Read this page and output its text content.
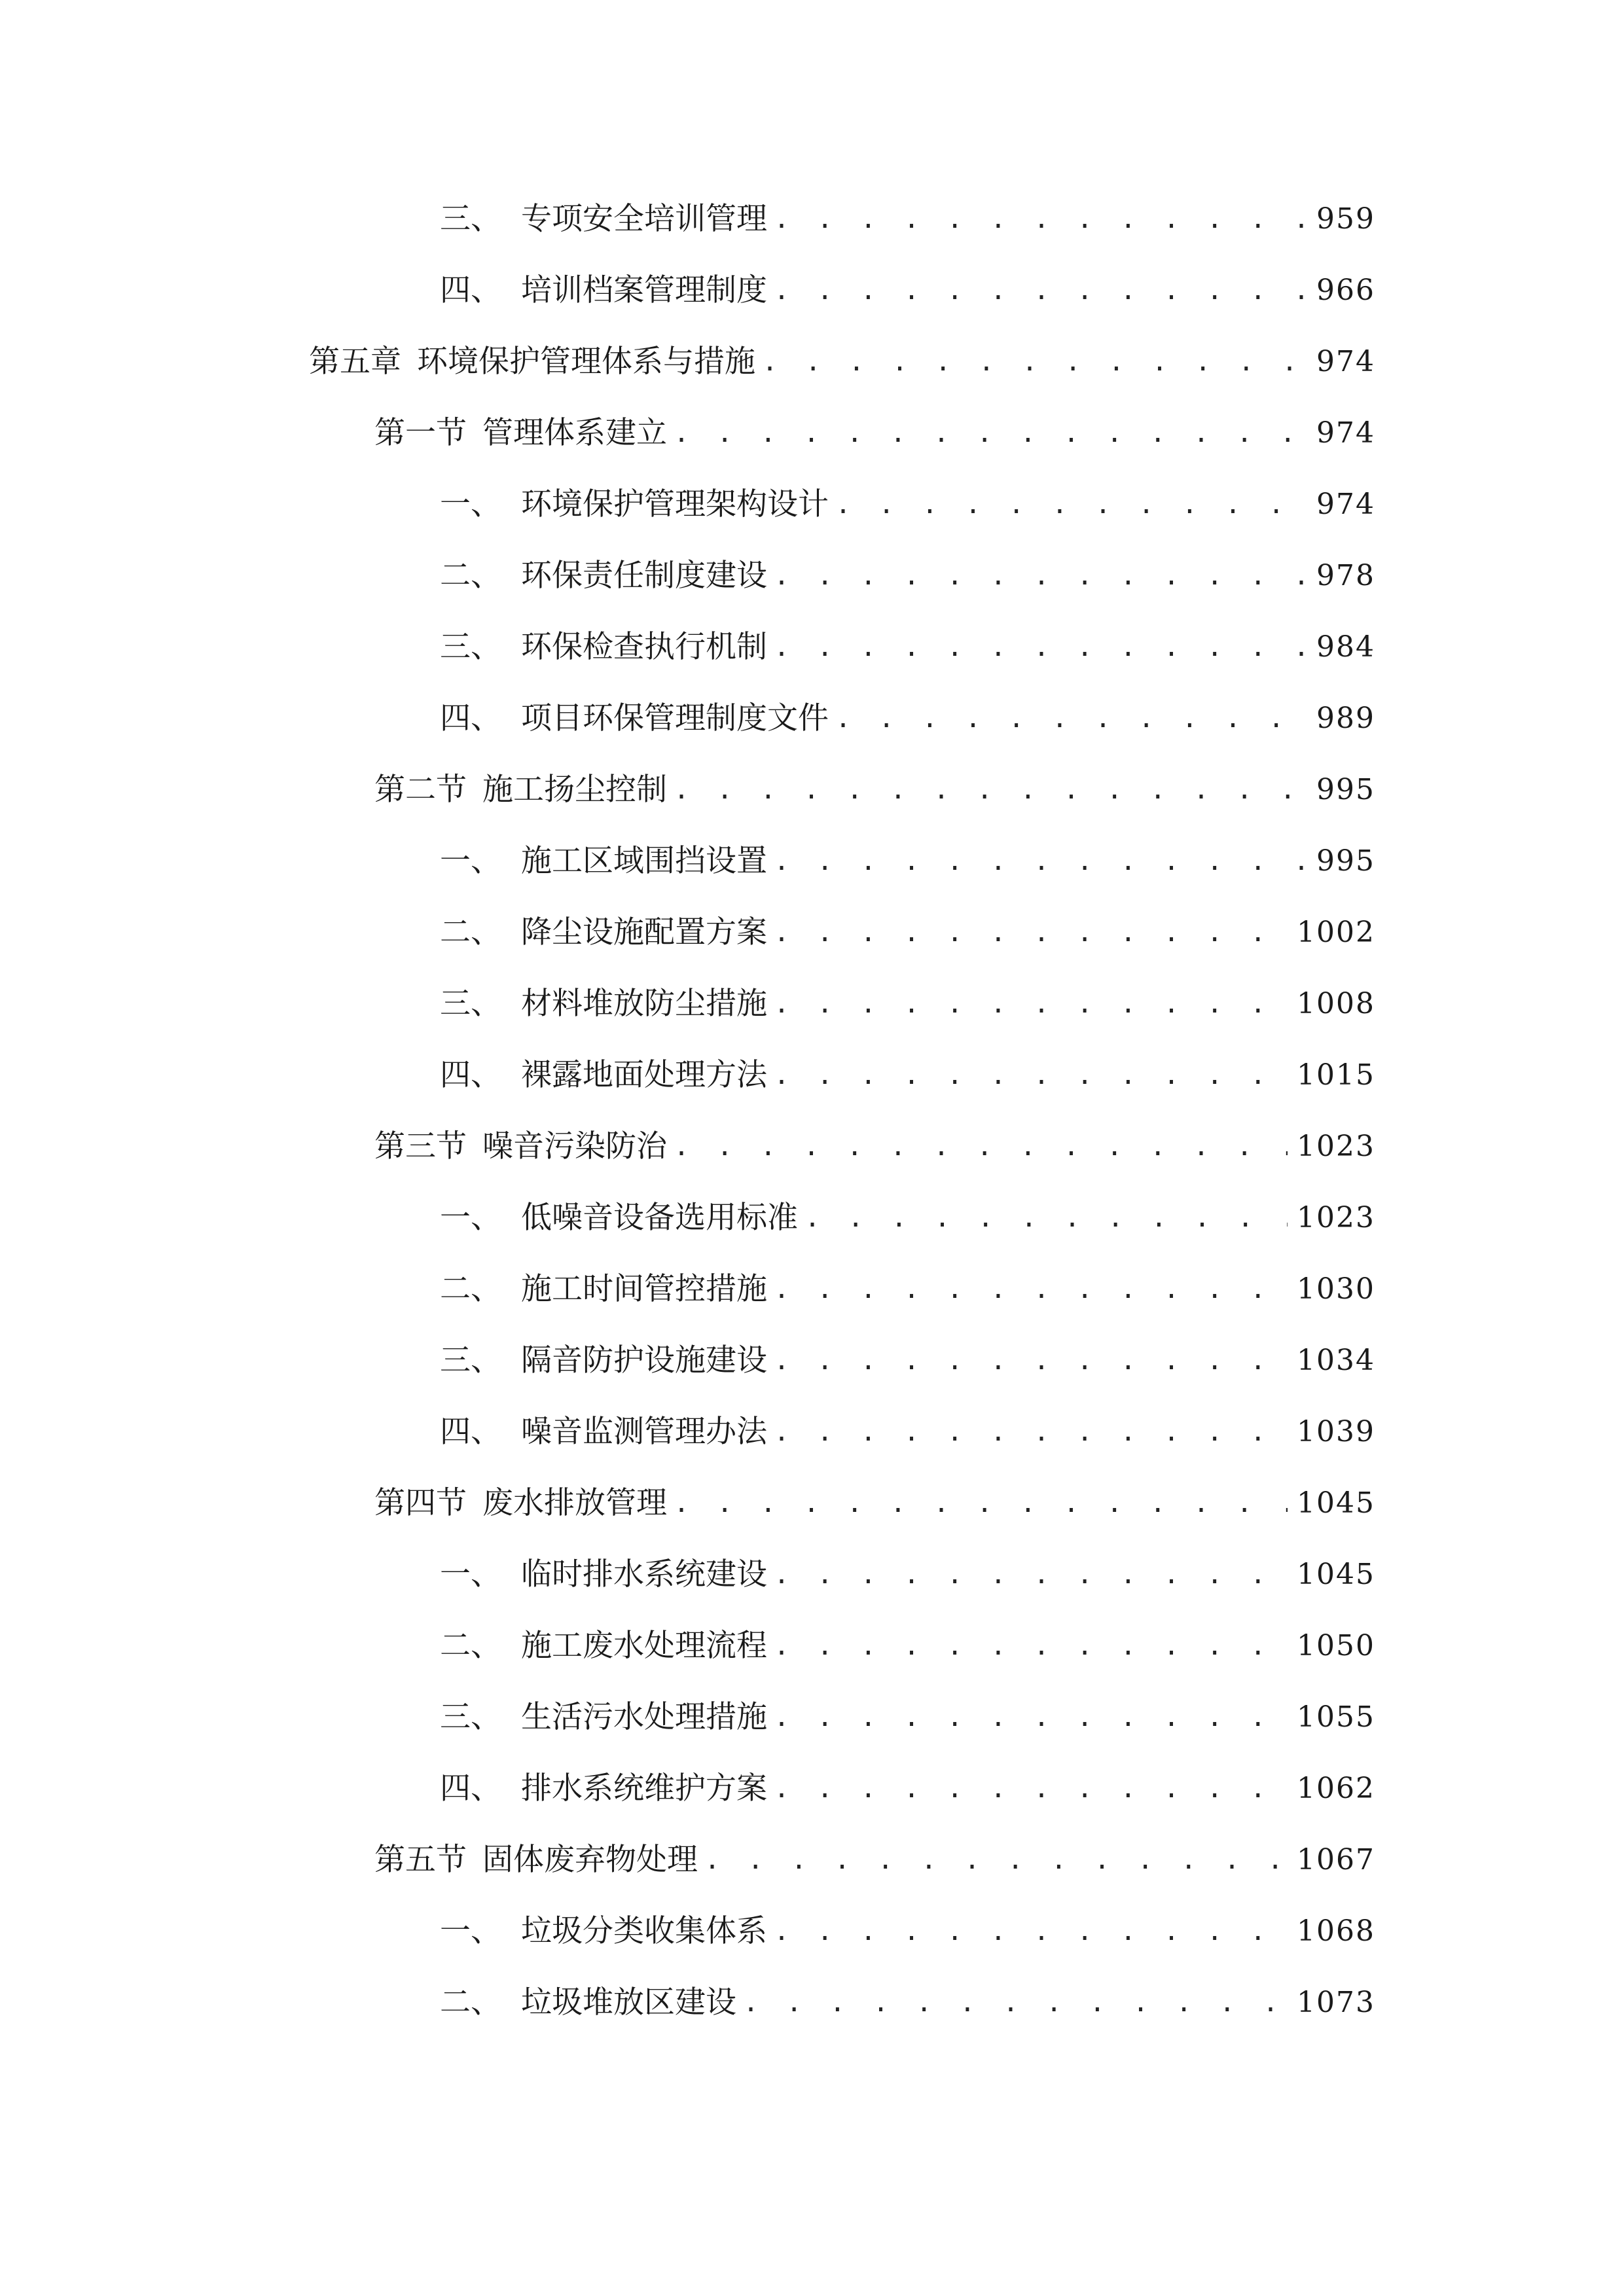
三、 专项安全培训管理 . . .	959
四、 培训档案管理制度 . . .	966
第五章 环境保护管理体系与措施 . . .	974
第一节 管理体系建立 . . .	974
一、 环境保护管理架构设计 . . .	974
二、 环保责任制度建设 . . .	978
三、 环保检查执行机制 . . .	984
四、 项目环保管理制度文件 . . .	989
第二节 施工扬尘控制 . . .	995
一、 施工区域围挡设置 . . .	995
二、 降尘设施配置方案 . . .	1002
三、 材料堆放防尘措施 . . .	1008
四、 裸露地面处理方法 . . .	1015
第三节 噪音污染防治 . . .	1023
一、 低噪音设备选用标准 . . .	1023
二、 施工时间管控措施 . . .	1030
三、 隔音防护设施建设 . . .	1034
四、 噪音监测管理办法 . . .	1039
第四节 废水排放管理 . . .	1045
一、 临时排水系统建设 . . .	1045
二、 施工废水处理流程 . . .	1050
三、 生活污水处理措施 . . .	1055
四、 排水系统维护方案 . . .	1062
第五节 固体废弃物处理 . . .	1067
一、 垃圾分类收集体系 . . .	1068
二、 垃圾堆放区建设 . . .	1073
